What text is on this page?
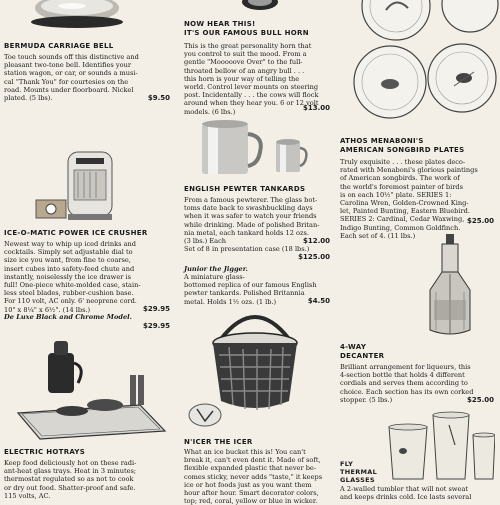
BERMUDA CARRIAGE BELL
Toe touch sounds off this distinctive and
pleasant two-tone bell. Identifies your
station wagon, or car, or sounds a musi-
cal "Thank You" for courtesies on the
road. Mounts under floorboard. Nickel
plated. (5 lbs).	$9.50
ICE-O-MATIC POWER ICE CRUSHER
Newest way to whip up iced drinks and
cocktails. Simply set adjustable dial to
size ice you want, from fine to coarse,
insert cubes into safety-feed chute and
instantly, noiselessly the ice drawer is
full! One-piece white-molded case, stain-
less steel blades, rubber-cushion base.
For 110 volt, AC only. 6' neoprene cord.
10" x 8¼" x 6½". (14 lbs.)	$29.95
De Luxe Black and Chrome Model.
$29.95
ELECTRIC HOTRAYS
Keep food deliciously hot on these radi-
ant-heat glass trays. Heat in 3 minutes;
thermostat regulated so as not to cook
or dry out food. Shatter-proof and safe.
115 volts, AC.
NOW HEAR THIS!
IT'S OUR FAMOUS BULL HORN
This is the great personality horn that
you control to suit the mood. From a
gentle "Mooooove Over" to the full-
throated bellow of an angry bull . . .
this horn is your way of telling the
world. Control lever mounts on steering
post. Incidentally . . . the cows will flock
around when they hear you. 6 or 12 volt
models. (6 lbs.)	$13.00
ENGLISH PEWTER TANKARDS
From a famous pewterer. The glass bot-
toms date back to swashbuckling days
when it was safer to watch your friends
while drinking. Made of polished Britan-
nia metal, each tankard holds 12 ozs.
(3 lbs.) Each	$12.00
Set of 8 in presentation case (18 lbs.)
$125.00
Junior the Jigger.
A miniature glass-
bottomed replica of our famous English
pewter tankards. Polished Britannia
metal. Holds 1½ ozs. (1 lb.)	$4.50
N'ICER THE ICER
What an ice bucket this is! You can't
break it, can't even dent it. Made of soft,
flexible expanded plastic that never be-
comes sticky, never adds "taste," it keeps
ice or hot foods just as you want them
hour after hour. Smart decorator colors,
top; red, coral, yellow or blue in wicker.
ATHOS MENABONI'S
AMERICAN SONGBIRD PLATES
Truly exquisite . . . these plates deco-
rated with Menaboni's glorious paintings
of American songbirds. The work of
the world's foremost painter of birds
is on each 10½" plate. SERIES 1:
Carolina Wren, Golden-Crowned King-
let, Painted Bunting, Eastern Bluebird.
SERIES 2: Cardinal, Cedar Waxwing,
Indigo Bunting, Common Goldfinch.
Each set of 4. (11 lbs.)
$25.00
4-WAY
DECANTER
Brilliant arrangement for liqueurs, this
4-section bottle that holds 4 different
cordials and serves them according to
choice. Each section has its own corked
stopper. (5 lbs.)	$25.00
FLY
THERMAL
GLASSES
A 2-walled tumbler that will not sweat
and keeps drinks cold. Ice lasts several
